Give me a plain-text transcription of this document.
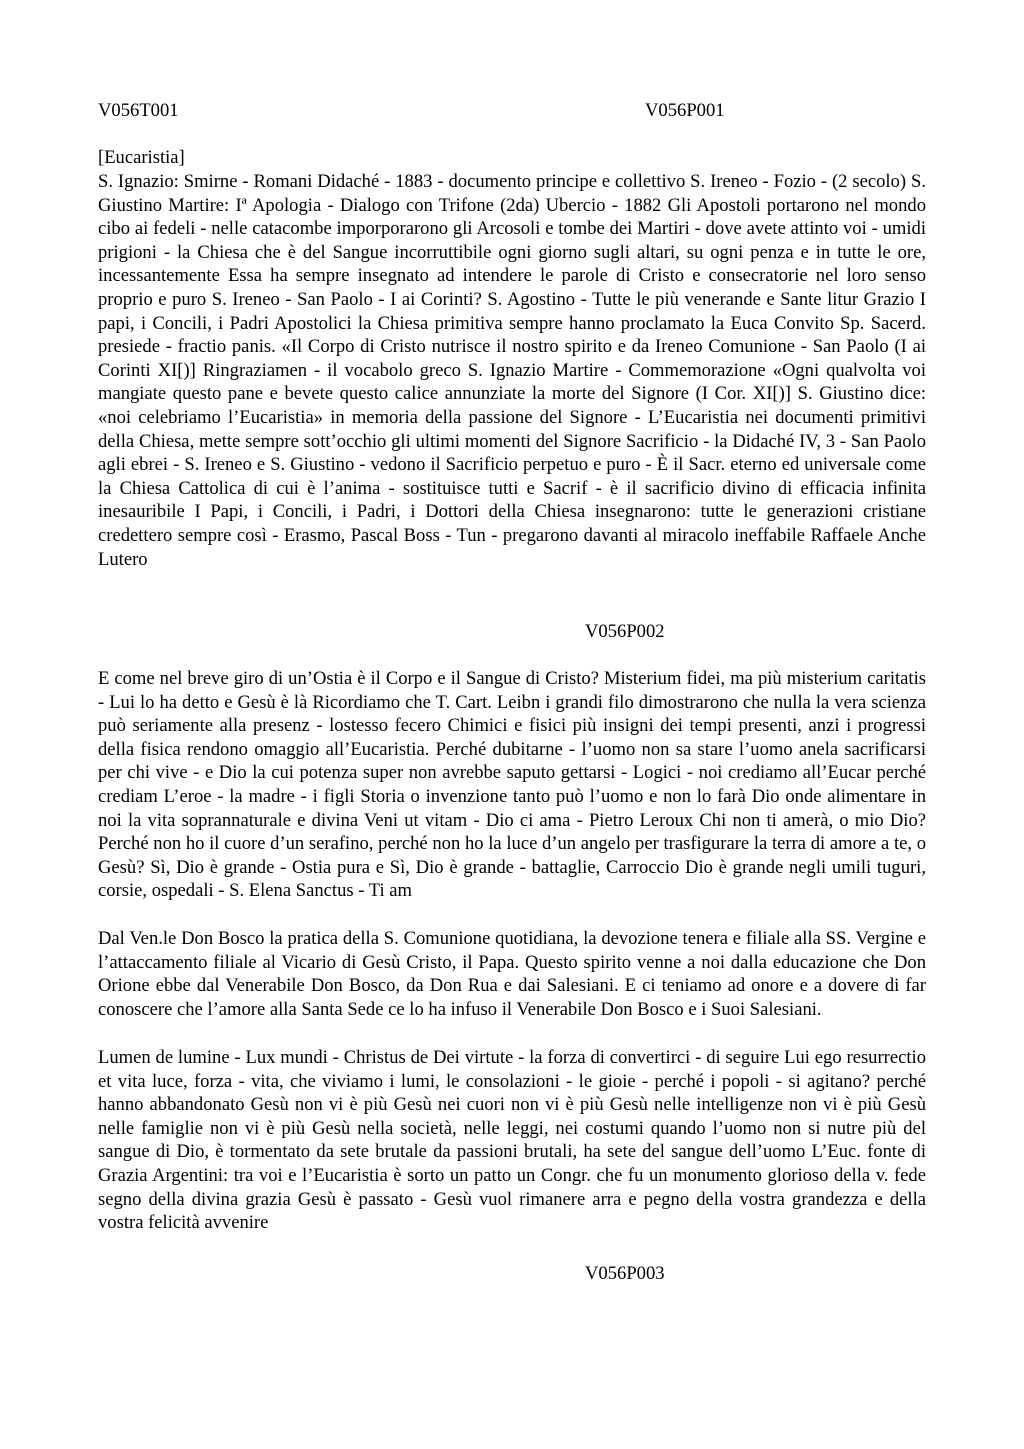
V056T001	V056P001
[Eucaristia]

S. Ignazio: Smirne - Romani Didaché - 1883 - documento principe e collettivo S. Ireneo - Fozio - (2 secolo) S. Giustino Martire: Iª Apologia - Dialogo con Trifone (2da) Ubercio - 1882 Gli Apostoli portarono nel mondo cibo ai fedeli - nelle catacombe imporporarono gli Arcosoli e tombe dei Martiri - dove avete attinto voi - umidi prigioni - la Chiesa che è del Sangue incorruttibile ogni giorno sugli altari, su ogni penza e in tutte le ore, incessantemente Essa ha sempre insegnato ad intendere le parole di Cristo e consecratorie nel loro senso proprio e puro S. Ireneo - San Paolo - I ai Corinti? S. Agostino - Tutte le più venerande e Sante litur Grazio I papi, i Concili, i Padri Apostolici la Chiesa primitiva sempre hanno proclamato la Euca Convito Sp. Sacerd. presiede - fractio panis. «Il Corpo di Cristo nutrisce il nostro spirito e da Ireneo Comunione - San Paolo (I ai Corinti XI[)] Ringraziamen - il vocabolo greco S. Ignazio Martire - Commemorazione «Ogni qualvolta voi mangiate questo pane e bevete questo calice annunziate la morte del Signore (I Cor. XI[)] S. Giustino dice: «noi celebriamo l’Eucaristia» in memoria della passione del Signore - L’Eucaristia nei documenti primitivi della Chiesa, mette sempre sott’occhio gli ultimi momenti del Signore Sacrificio - la Didaché IV, 3 - San Paolo agli ebrei - S. Ireneo e S. Giustino - vedono il Sacrificio perpetuo e puro - È il Sacr. eterno ed universale come la Chiesa Cattolica di cui è l’anima - sostituisce tutti e Sacrif - è il sacrificio divino di efficacia infinita inesauribile I Papi, i Concili, i Padri, i Dottori della Chiesa insegnarono: tutte le generazioni cristiane credettero sempre così - Erasmo, Pascal Boss - Tun - pregarono davanti al miracolo ineffabile Raffaele Anche Lutero

V056P002

E come nel breve giro di un’Ostia è il Corpo e il Sangue di Cristo? Misterium fidei, ma più misterium caritatis - Lui lo ha detto e Gesù è là Ricordiamo che T. Cart. Leibn i grandi filo dimostrarono che nulla la vera scienza può seriamente alla presenz - lostesso fecero Chimici e fisici più insigni dei tempi presenti, anzi i progressi della fisica rendono omaggio all’Eucaristia. Perché dubitarne - l’uomo non sa stare l’uomo anela sacrificarsi per chi vive - e Dio la cui potenza super non avrebbe saputo gettarsi - Logici - noi crediamo all’Eucar perché crediam L’eroe - la madre - i figli Storia o invenzione tanto può l’uomo e non lo farà Dio onde alimentare in noi la vita soprannaturale e divina Veni ut vitam - Dio ci ama - Pietro Leroux Chi non ti amerà, o mio Dio? Perché non ho il cuore d’un serafino, perché non ho la luce d’un angelo per trasfigurare la terra di amore a te, o Gesù? Sì, Dio è grande - Ostia pura e Sì, Dio è grande - battaglie, Carroccio Dio è grande negli umili tuguri, corsie, ospedali - S. Elena Sanctus - Ti am

Dal Ven.le Don Bosco la pratica della S. Comunione quotidiana, la devozione tenera e filiale alla SS. Vergine e l’attaccamento filiale al Vicario di Gesù Cristo, il Papa. Questo spirito venne a noi dalla educazione che Don Orione ebbe dal Venerabile Don Bosco, da Don Rua e dai Salesiani. E ci teniamo ad onore e a dovere di far conoscere che l’amore alla Santa Sede ce lo ha infuso il Venerabile Don Bosco e i Suoi Salesiani.

Lumen de lumine - Lux mundi - Christus de Dei virtute - la forza di convertirci - di seguire Lui ego resurrectio et vita luce, forza - vita, che viviamo i lumi, le consolazioni - le gioie - perché i popoli - si agitano? perché hanno abbandonato Gesù non vi è più Gesù nei cuori non vi è più Gesù nelle intelligenze non vi è più Gesù nelle famiglie non vi è più Gesù nella società, nelle leggi, nei costumi quando l’uomo non si nutre più del sangue di Dio, è tormentato da sete brutale da passioni brutali, ha sete del sangue dell’uomo L’Euc. fonte di Grazia Argentini: tra voi e l’Eucaristia è sorto un patto un Congr. che fu un monumento glorioso della v. fede segno della divina grazia Gesù è passato - Gesù vuol rimanere arra e pegno della vostra grandezza e della vostra felicità avvenire

V056P003
